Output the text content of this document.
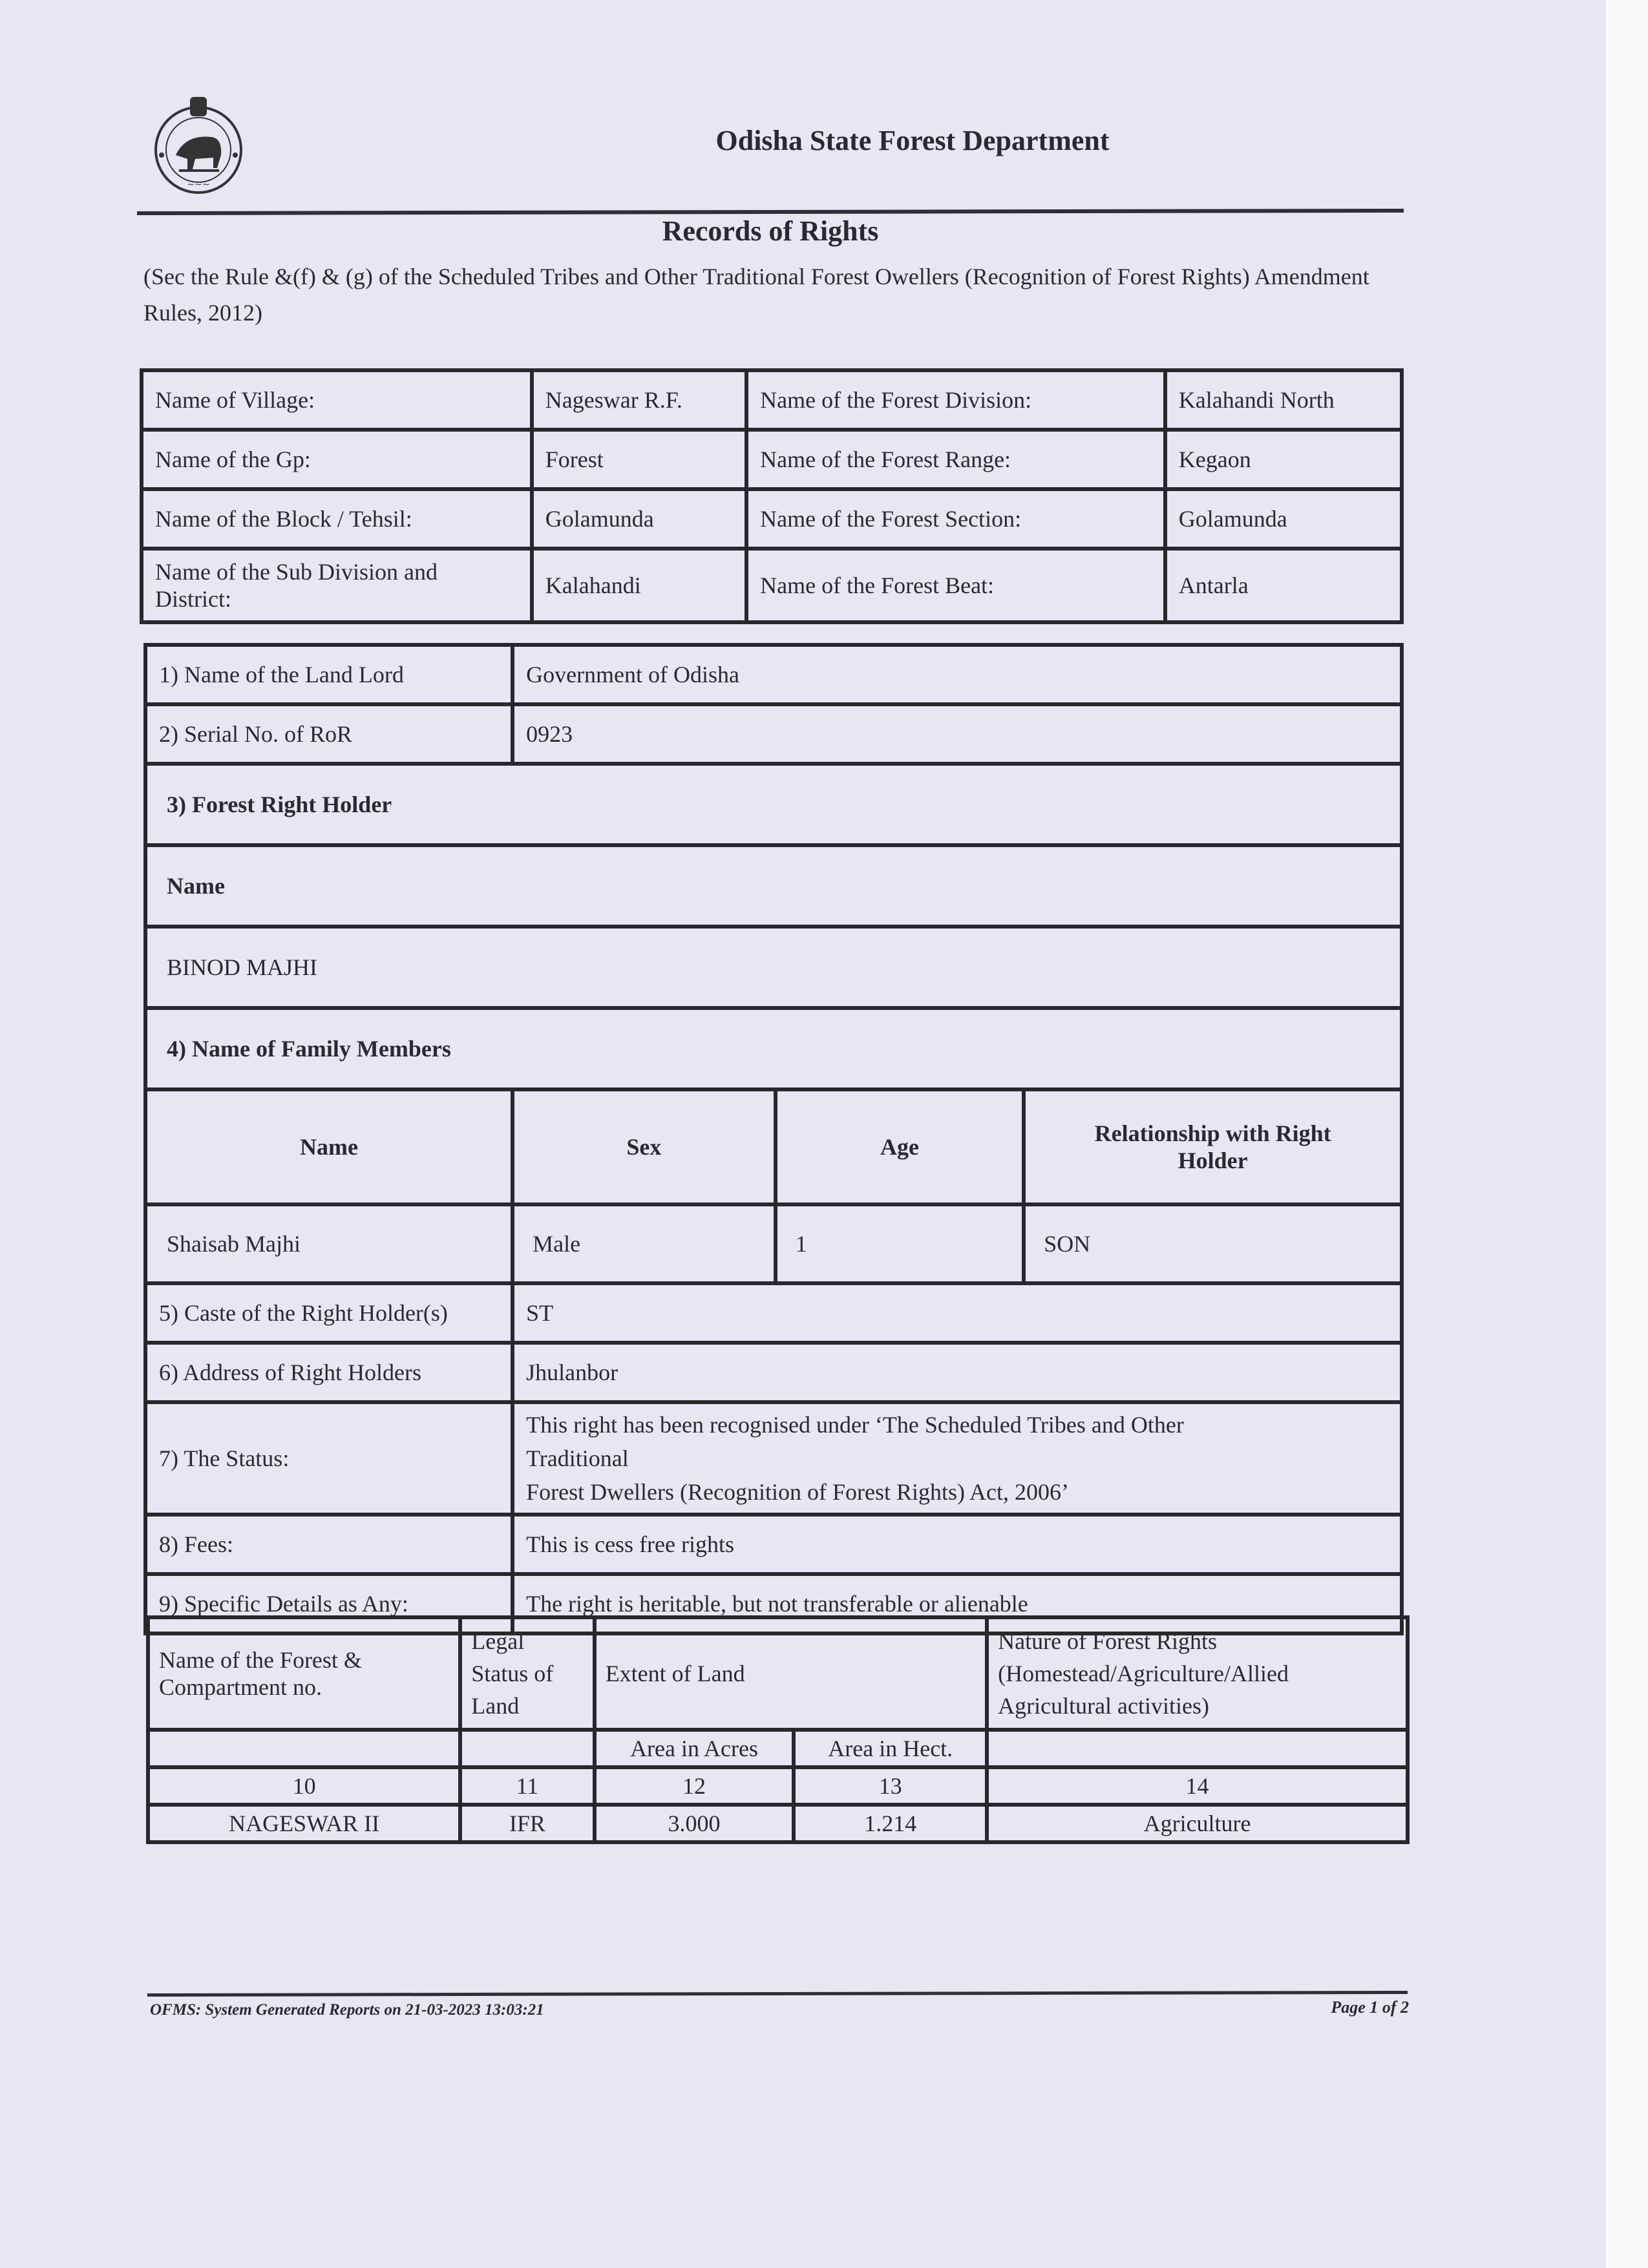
~~~
Odisha State Forest Department
Records of Rights
(Sec the Rule &(f) & (g) of the Scheduled Tribes and Other Traditional Forest Owellers (Recognition of Forest Rights) Amendment Rules, 2012)
Name of Village:	Nageswar R.F.	Name of the Forest Division:	Kalahandi North
Name of the Gp:	Forest	Name of the Forest Range:	Kegaon
Name of the Block / Tehsil:	Golamunda	Name of the Forest Section:	Golamunda
Name of the Sub Division and District:	Kalahandi	Name of the Forest Beat:	Antarla
1) Name of the Land Lord	Government of Odisha		
2) Serial No. of RoR	0923		
3) Forest Right Holder			
Name			
BINOD MAJHI			
4) Name of Family Members			
Name	Sex	Age	Relationship with Right Holder
Shaisab Majhi	Male	1	SON
5) Caste of the Right Holder(s)	ST		
6) Address of Right Holders	Jhulanbor		
7) The Status:	This right has been recognised under ‘The Scheduled Tribes and Other
Traditional
Forest Dwellers (Recognition of Forest Rights) Act, 2006’		

8) Fees:	This is cess free rights		
9) Specific Details as Any:	The right is heritable, but not transferable or alienable		
Name of the Forest & Compartment no.	Legal Status of Land	Extent of Land		Nature of Forest Rights (Homestead/Agriculture/Allied Agricultural activities)
		Area in Acres	Area in Hect.	
10	11	12	13	14
NAGESWAR II	IFR	3.000	1.214	Agriculture
OFMS: System Generated Reports on 21-03-2023 13:03:21	Page 1 of 2
